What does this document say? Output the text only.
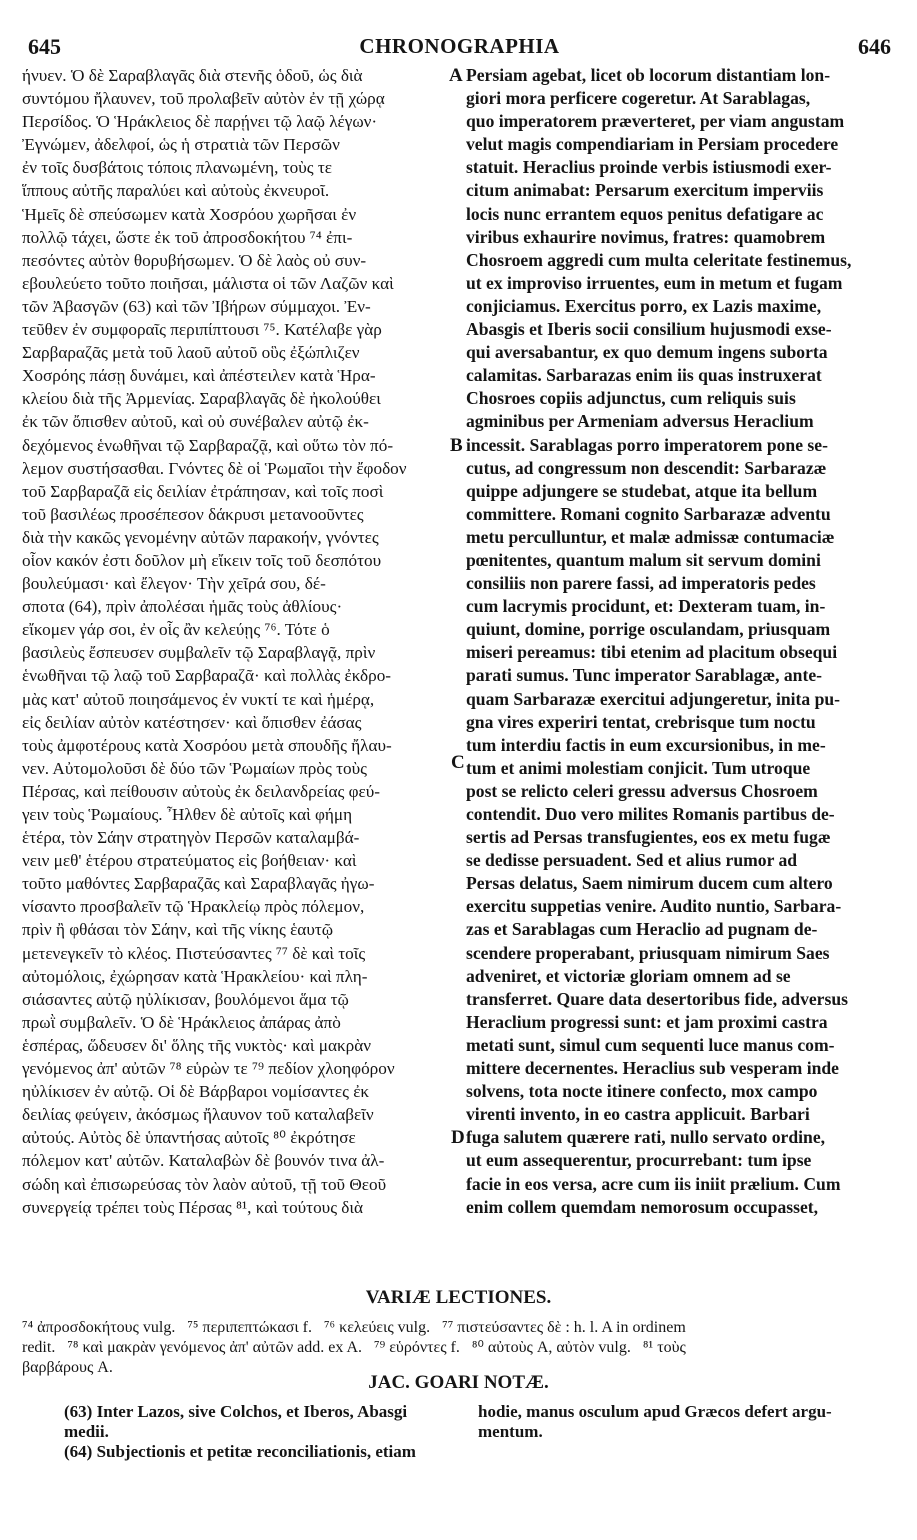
645	CHRONOGRAPHIA	646
ήνυεν. Ὁ δὲ Σαραβλαγᾶς διὰ στενῆς ὁδοῦ, ὡς διὰ
συντόμου ἤλαυνεν, τοῦ προλαβεῖν αὐτὸν ἐν τῇ χώρᾳ
Περσίδος. Ὁ Ἡράκλειος δὲ παρῄνει τῷ λαῷ λέγων·
Ἐγνώμεν, ἀδελφοί, ὡς ἡ στρατιὰ τῶν Περσῶν
ἐν τοῖς δυσβάτοις τόποις πλανωμένη, τοὺς τε
ἵππους αὐτῆς παραλύει καὶ αὐτοὺς ἐκνευροῖ.
Ἡμεῖς δὲ σπεύσωμεν κατὰ Χοσρόου χωρῆσαι ἐν
πολλῷ τάχει, ὥστε ἐκ τοῦ ἀπροσδοκήτου ⁷⁴ ἐπι-
πεσόντες αὐτὸν θορυβήσωμεν. Ὁ δὲ λαὸς οὐ συν-
εβουλεύετο τοῦτο ποιῆσαι, μάλιστα οἱ τῶν Λαζῶν καὶ
τῶν Ἀβασγῶν (63) καὶ τῶν Ἰβήρων σύμμαχοι. Ἐν-
τεῦθεν ἐν συμφοραῖς περιπίπτουσι ⁷⁵. Κατέλαβε γὰρ
Σαρβαραζᾶς μετὰ τοῦ λαοῦ αὐτοῦ οὓς ἐξώπλιζεν
Χοσρόης πάσῃ δυνάμει, καὶ ἀπέστειλεν κατὰ Ἡρα-
κλείου διὰ τῆς Ἀρμενίας. Σαραβλαγᾶς δὲ ἠκολούθει
ἐκ τῶν ὄπισθεν αὐτοῦ, καὶ οὐ συνέβαλεν αὐτῷ ἐκ-
δεχόμενος ἑνωθῆναι τῷ Σαρβαραζᾷ, καὶ οὕτω τὸν πό-
λεμον συστήσασθαι. Γνόντες δὲ οἱ Ῥωμαῖοι τὴν ἔφοδον
τοῦ Σαρβαραζᾶ εἰς δειλίαν ἐτράπησαν, καὶ τοῖς ποσὶ
τοῦ βασιλέως προσέπεσον δάκρυσι μετανοοῦντες
διὰ τὴν κακῶς γενομένην αὐτῶν παρακοήν, γνόντες
οἷον κακόν ἐστι δοῦλον μὴ εἴκειν τοῖς τοῦ δεσπότου
βουλεύμασι· καὶ ἔλεγον· Τὴν χεῖρά σου, δέ-
σποτα (64), πρὶν ἀπολέσαι ἡμᾶς τοὺς ἀθλίους·
εἴκομεν γάρ σοι, ἐν οἷς ἂν κελεύῃς ⁷⁶. Τότε ὁ
βασιλεὺς ἔσπευσεν συμβαλεῖν τῷ Σαραβλαγᾷ, πρὶν
ἑνωθῆναι τῷ λαῷ τοῦ Σαρβαραζᾶ· καὶ πολλὰς ἐκδρο-
μὰς κατ' αὐτοῦ ποιησάμενος ἐν νυκτί τε καὶ ἡμέρᾳ,
εἰς δειλίαν αὐτὸν κατέστησεν· καὶ ὄπισθεν ἐάσας
τοὺς ἀμφοτέρους κατὰ Χοσρόου μετὰ σπουδῆς ἤλαυ-
νεν. Αὐτομολοῦσι δὲ δύο τῶν Ῥωμαίων πρὸς τοὺς
Πέρσας, καὶ πείθουσιν αὐτοὺς ἐκ δειλανδρείας φεύ-
γειν τοὺς Ῥωμαίους. Ἦλθεν δὲ αὐτοῖς καὶ φήμη
ἑτέρα, τὸν Σάην στρατηγὸν Περσῶν καταλαμβά-
νειν μεθ' ἑτέρου στρατεύματος εἰς βοήθειαν· καὶ
τοῦτο μαθόντες Σαρβαραζᾶς καὶ Σαραβλαγᾶς ἠγω-
νίσαντο προσβαλεῖν τῷ Ἡρακλείῳ πρὸς πόλεμον,
πρὶν ἢ φθάσαι τὸν Σάην, καὶ τῆς νίκης ἑαυτῷ
μετενεγκεῖν τὸ κλέος. Πιστεύσαντες ⁷⁷ δὲ καὶ τοῖς
αὐτομόλοις, ἐχώρησαν κατὰ Ἡρακλείου· καὶ πλη-
σιάσαντες αὐτῷ ηὐλίκισαν, βουλόμενοι ἅμα τῷ
πρωῒ συμβαλεῖν. Ὁ δὲ Ἡράκλειος ἀπάρας ἀπὸ
ἑσπέρας, ὥδευσεν δι' ὅλης τῆς νυκτὸς· καὶ μακρὰν
γενόμενος ἀπ' αὐτῶν ⁷⁸ εὑρὼν τε ⁷⁹ πεδίον χλοηφόρον
ηὐλίκισεν ἐν αὐτῷ. Οἱ δὲ Βάρβαροι νομίσαντες ἐκ
δειλίας φεύγειν, ἀκόσμως ἤλαυνον τοῦ καταλαβεῖν
αὐτούς. Αὐτὸς δὲ ὑπαντήσας αὐτοῖς ⁸⁰ ἐκρότησε
πόλεμον κατ' αὐτῶν. Καταλαβὼν δὲ βουνόν τινα ἀλ-
σώδη καὶ ἐπισωρεύσας τὸν λαὸν αὐτοῦ, τῇ τοῦ Θεοῦ
συνεργείᾳ τρέπει τοὺς Πέρσας ⁸¹, καὶ τούτους διὰ
Persiam agebat, licet ob locorum distantiam lon-
giori mora perficere cogeretur. At Sarablagas,
quo imperatorem præverteret, per viam angustam
velut magis compendiariam in Persiam procedere
statuit. Heraclius proinde verbis istiusmodi exer-
citum animabat: Persarum exercitum imperviis
locis nunc errantem equos penitus defatigare ac
viribus exhaurire novimus, fratres: quamobrem
Chosroem aggredi cum multa celeritate festinemus,
ut ex improviso irruentes, eum in metum et fugam
conjiciamus. Exercitus porro, ex Lazis maxime,
Abasgis et Iberis socii consilium hujusmodi exse-
qui aversabantur, ex quo demum ingens suborta
calamitas. Sarbarazas enim iis quas instruxerat
Chosroes copiis adjunctus, cum reliquis suis
agminibus per Armeniam adversus Heraclium
incessit. Sarablagas porro imperatorem pone se-
cutus, ad congressum non descendit: Sarbarazæ
quippe adjungere se studebat, atque ita bellum
committere. Romani cognito Sarbarazæ adventu
metu perculluntur, et malæ admissæ contumaciæ
pœnitentes, quantum malum sit servum domini
consiliis non parere fassi, ad imperatoris pedes
cum lacrymis procidunt, et: Dexteram tuam, in-
quiunt, domine, porrige osculandam, priusquam
miseri pereamus: tibi etenim ad placitum obsequi
parati sumus. Tunc imperator Sarablagæ, ante-
quam Sarbarazæ exercitui adjungeretur, inita pu-
gna vires experiri tentat, crebrisque tum noctu
tum interdiu factis in eum excursionibus, in me-
tum et animi molestiam conjicit. Tum utroque
post se relicto celeri gressu adversus Chosroem
contendit. Duo vero milites Romanis partibus de-
sertis ad Persas transfugientes, eos ex metu fugæ
se dedisse persuadent. Sed et alius rumor ad
Persas delatus, Saem nimirum ducem cum altero
exercitu suppetias venire. Audito nuntio, Sarbara-
zas et Sarablagas cum Heraclio ad pugnam de-
scendere properabant, priusquam nimirum Saes
adveniret, et victoriæ gloriam omnem ad se
transferret. Quare data desertoribus fide, adversus
Heraclium progressi sunt: et jam proximi castra
metati sunt, simul cum sequenti luce manus com-
mittere decernentes. Heraclius sub vesperam inde
solvens, tota nocte itinere confecto, mox campo
virenti invento, in eo castra applicuit. Barbari
fuga salutem quærere rati, nullo servato ordine,
ut eum assequerentur, procurrebant: tum ipse
facie in eos versa, acre cum iis iniit prælium. Cum
enim collem quemdam nemorosum occupasset,
A
B
C
D
VARIÆ LECTIONES.
⁷⁴ ἀπροσδοκήτους vulg.   ⁷⁵ περιπεπτώκασι f.   ⁷⁶ κελεύεις vulg.   ⁷⁷ πιστεύσαντες δὲ : h. l. A in ordinem
redit.   ⁷⁸ καὶ μακρὰν γενόμενος ἀπ' αὐτῶν add. ex A.   ⁷⁹ εὑρόντες f.   ⁸⁰ αὐτοὺς A, αὐτὸν vulg.   ⁸¹ τοὺς
βαρβάρους A.
JAC. GOARI NOTÆ.
(63) Inter Lazos, sive Colchos, et Iberos, Abasgi
medii.
(64) Subjectionis et petitæ reconciliationis, etiam
hodie, manus osculum apud Græcos defert argu-
mentum.
